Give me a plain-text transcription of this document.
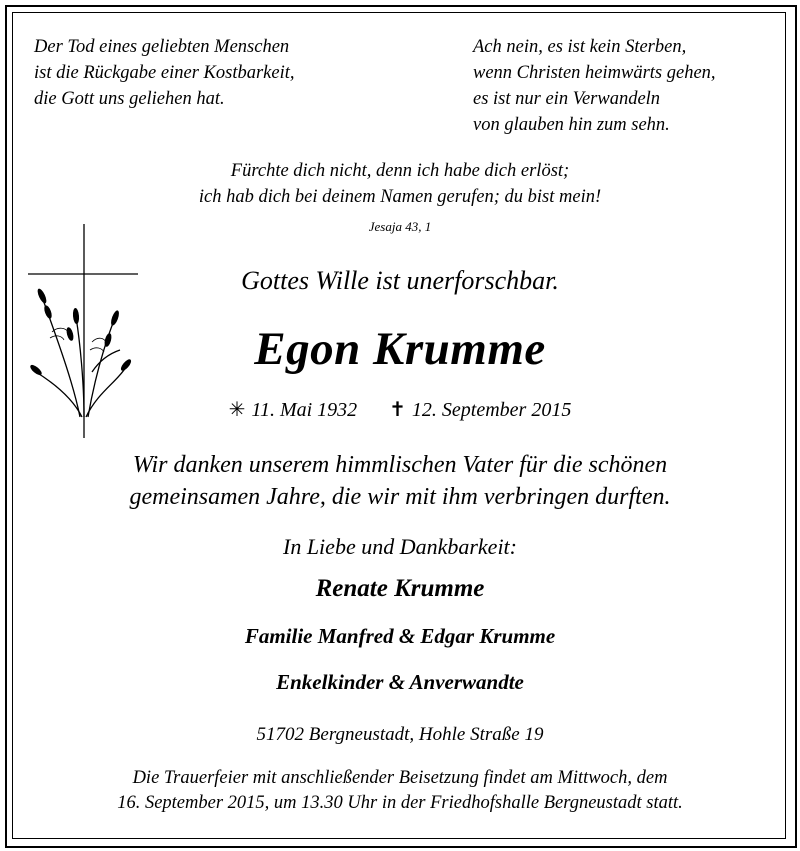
Der Tod eines geliebten Menschen
ist die Rückgabe einer Kostbarkeit,
die Gott uns geliehen hat.
Ach nein, es ist kein Sterben,
wenn Christen heimwärts gehen,
es ist nur ein Verwandeln
von glauben hin zum sehn.
Fürchte dich nicht, denn ich habe dich erlöst;
ich hab dich bei deinem Namen gerufen; du bist mein!
Jesaja 43, 1
Gottes Wille ist unerforschbar.
Egon Krumme
✳ 11. Mai 1932 ✝ 12. September 2015
Wir danken unserem himmlischen Vater für die schönen
gemeinsamen Jahre, die wir mit ihm verbringen durften.
In Liebe und Dankbarkeit:
Renate Krumme
Familie Manfred & Edgar Krumme
Enkelkinder & Anverwandte
51702 Bergneustadt, Hohle Straße 19
Die Trauerfeier mit anschließender Beisetzung findet am Mittwoch, dem
16. September 2015, um 13.30 Uhr in der Friedhofshalle Bergneustadt statt.
